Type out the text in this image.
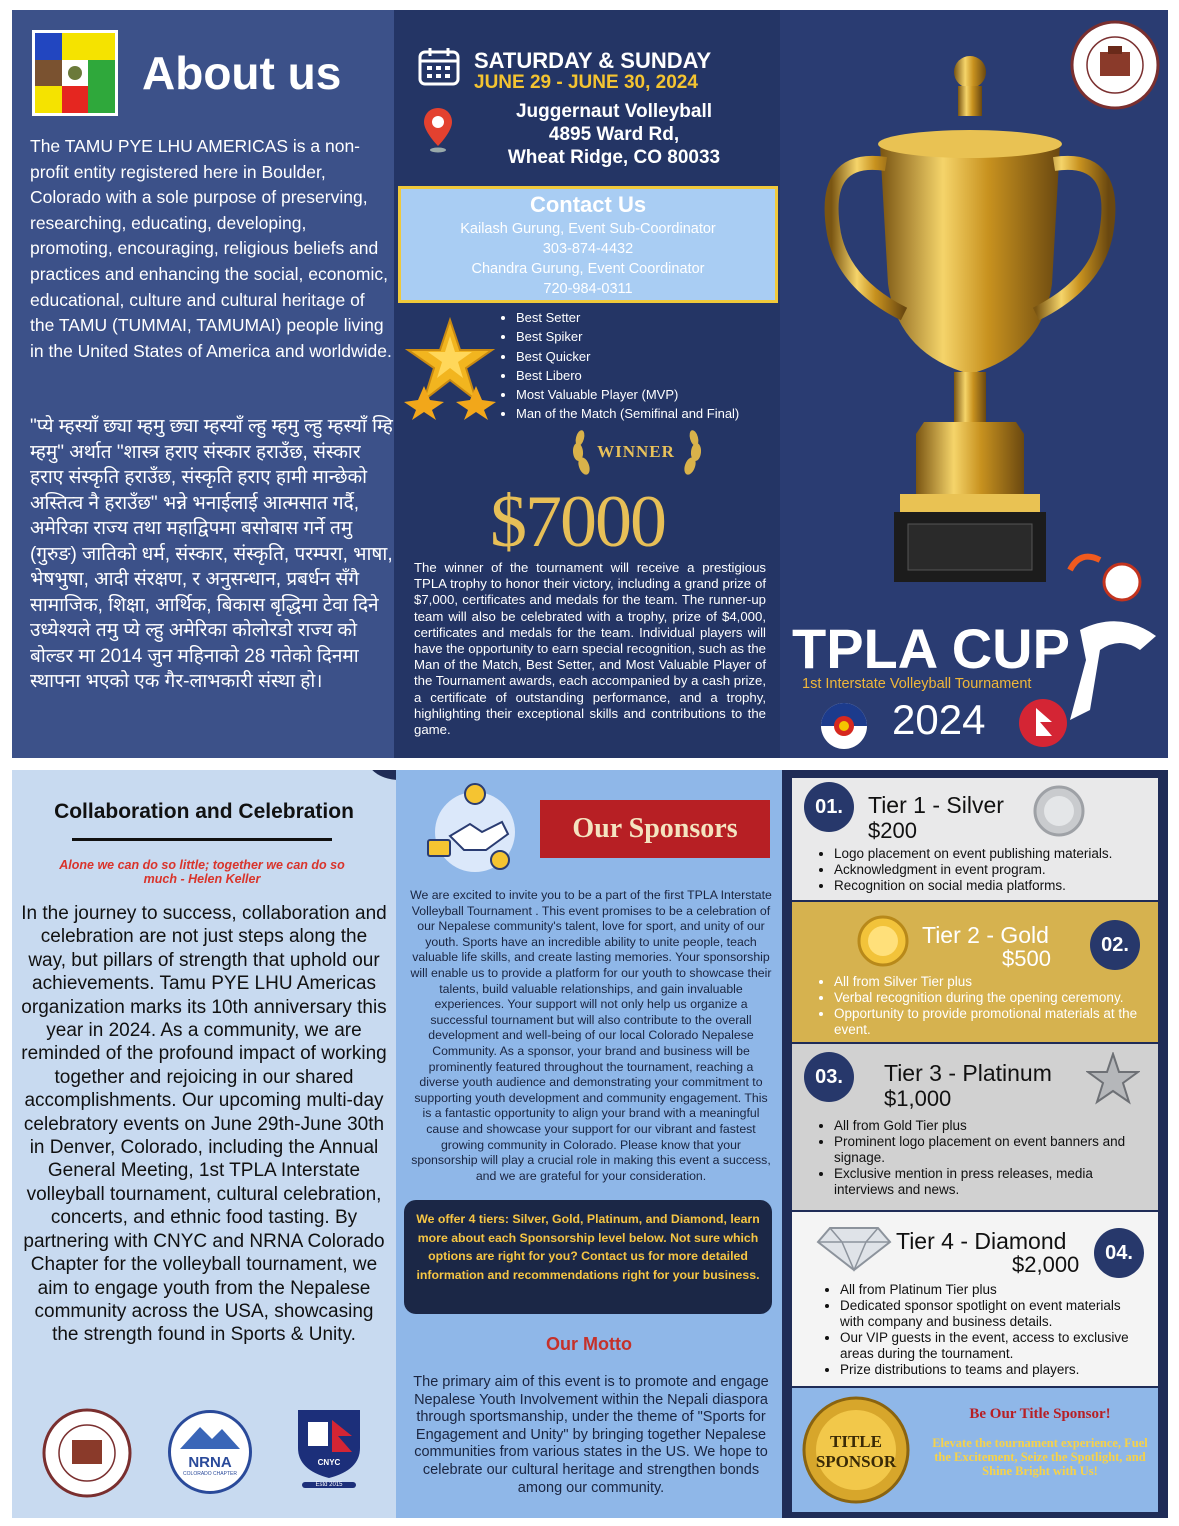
About us
The TAMU PYE LHU AMERICAS is a non-profit entity registered here in Boulder, Colorado with a sole purpose of preserving, researching, educating, developing, promoting, encouraging, religious beliefs and practices and enhancing the social, economic, educational, culture and cultural heritage of the TAMU (TUMMAI, TAMUMAI) people living in the United States of America and worldwide.
"प्ये म्हस्याँ छ्या म्हमु छ्या म्हस्याँ ल्हु म्हमु ल्हु म्हस्याँ म्हि म्हमु" अर्थात "शास्त्र हराए संस्कार हराउँछ, संस्कार हराए संस्कृति हराउँछ, संस्कृति हराए हामी मान्छेको अस्तित्व नै हराउँछ" भन्ने भनाईलाई आत्मसात गर्दै, अमेरिका राज्य तथा महाद्विपमा बसोबास गर्ने तमु (गुरुङ) जातिको धर्म, संस्कार, संस्कृति, परम्परा, भाषा, भेषभुषा, आदी संरक्षण, र अनुसन्धान, प्रबर्धन सँगै सामाजिक, शिक्षा, आर्थिक, बिकास बृद्धिमा टेवा दिने उध्येश्यले तमु प्ये ल्हु अमेरिका कोलोरडो राज्य को बोल्डर मा 2014 जुन महिनाको 28 गतेको दिनमा स्थापना भएको एक गैर-लाभकारी संस्था हो।
SATURDAY & SUNDAY
JUNE 29 - JUNE 30, 2024
Juggernaut Volleyball
4895 Ward Rd,
Wheat Ridge, CO 80033
Contact Us
Kailash Gurung, Event Sub-Coordinator
303-874-4432
Chandra Gurung, Event Coordinator
720-984-0311
• Best Setter
• Best Spiker
• Best Quicker
• Best Libero
• Most Valuable Player (MVP)
• Man of the Match (Semifinal and Final)
WINNER
$7000
The winner of the tournament will receive a prestigious TPLA trophy to honor their victory, including a grand prize of $7,000, certificates and medals for the team. The runner-up team will also be celebrated with a trophy, prize of $4,000, certificates and medals for the team. Individual players will have the opportunity to earn special recognition, such as the Man of the Match, Best Setter, and Most Valuable Player of the Tournament awards, each accompanied by a cash prize, a certificate of outstanding performance, and a trophy, highlighting their exceptional skills and contributions to the game.
TPLA CUP
1st Interstate Volleyball Tournament
2024
Collaboration and Celebration
Alone we can do so little; together we can do so much - Helen Keller
In the journey to success, collaboration and celebration are not just steps along the way, but pillars of strength that uphold our achievements. Tamu PYE LHU Americas organization marks its 10th anniversary this year in 2024. As a community, we are reminded of the profound impact of working together and rejoicing in our shared accomplishments. Our upcoming multi-day celebratory events on June 29th-June 30th in Denver, Colorado, including the Annual General Meeting, 1st TPLA Interstate volleyball tournament, cultural celebration, concerts, and ethnic food tasting. By partnering with CNYC and NRNA Colorado Chapter for the volleyball tournament, we aim to engage youth from the Nepalese community across the USA, showcasing the strength found in Sports & Unity.
NRNA
COLORADO CHAPTER
CNYC
Estd 2015
Our Sponsors
We are excited to invite you to be a part of the first TPLA Interstate Volleyball Tournament . This event promises to be a celebration of our Nepalese community's talent, love for sport, and unity of our youth. Sports have an incredible ability to unite people, teach valuable life skills, and create lasting memories. Your sponsorship will enable us to provide a platform for our youth to showcase their talents, build valuable relationships, and gain invaluable experiences. Your support will not only help us organize a successful tournament but will also contribute to the overall development and well-being of our local Colorado Nepalese Community. As a sponsor, your brand and business will be prominently featured throughout the tournament, reaching a diverse youth audience and demonstrating your commitment to supporting youth development and community engagement. This is a fantastic opportunity to align your brand with a meaningful cause and showcase your support for our vibrant and fastest growing community in Colorado. Please know that your sponsorship will play a crucial role in making this event a success, and we are grateful for your consideration.
We offer 4 tiers: Silver, Gold, Platinum, and Diamond, learn more about each Sponsorship level below. Not sure which options are right for you? Contact us for more detailed information and recommendations right for your business.
Our Motto
The primary aim of this event is to promote and engage Nepalese Youth Involvement within the Nepali diaspora through sportsmanship, under the theme of "Sports for Engagement and Unity" by bringing together Nepalese communities from various states in the US. We hope to celebrate our cultural heritage and strengthen bonds among our community.
01.	Tier 1 - Silver
$200
• Logo placement on event publishing materials.
• Acknowledgment in event program.
• Recognition on social media platforms.
Tier 2 - Gold
$500
02.
• All from Silver Tier plus
• Verbal recognition during the opening ceremony.
• Opportunity to provide promotional materials at the event.
03.	Tier 3 - Platinum
$1,000
• All from Gold Tier plus
• Prominent logo placement on event banners and signage.
• Exclusive mention in press releases, media interviews and news.
Tier 4 - Diamond
$2,000	04.
• All from Platinum Tier plus
• Dedicated sponsor spotlight on event materials with company and business details.
• Our VIP guests in the event, access to exclusive areas during the tournament.
• Prize distributions to teams and players.
TITLE
SPONSOR
Be Our Title Sponsor!
Elevate the tournament experience, Fuel the Excitement, Seize the Spotlight, and Shine Bright with Us!
